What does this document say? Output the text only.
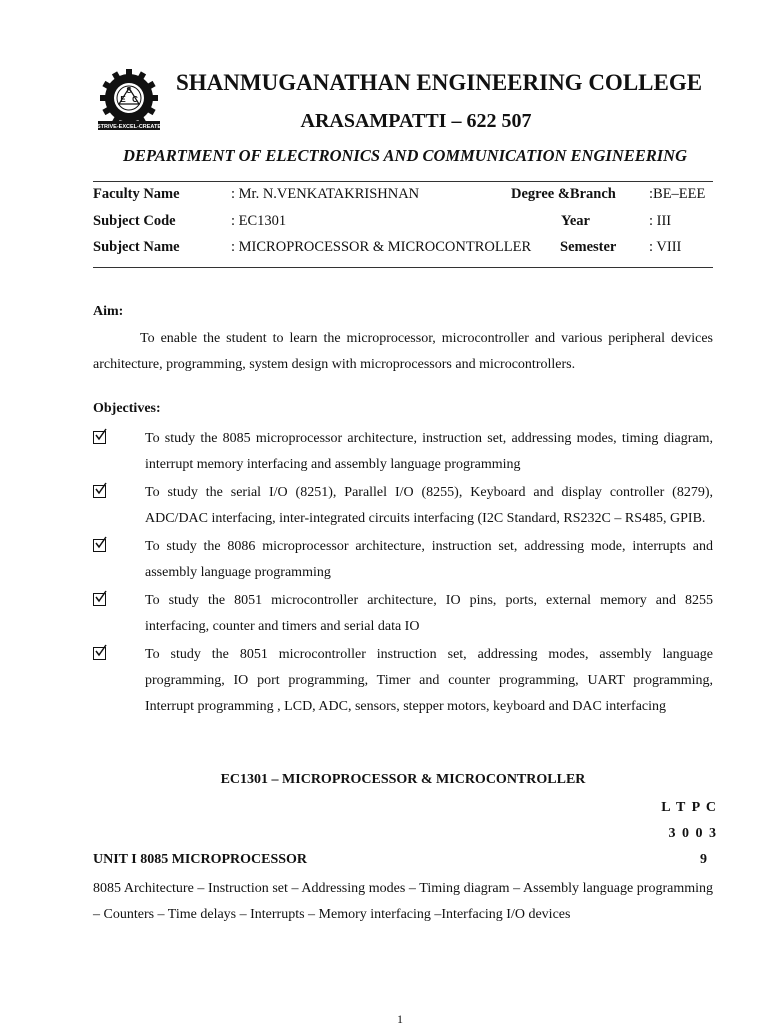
S
E C
STRIVE-EXCEL-CREATE
SHANMUGANATHAN ENGINEERING COLLEGE
ARASAMPATTI – 622 507
DEPARTMENT OF ELECTRONICS AND COMMUNICATION ENGINEERING
Faculty Name	: Mr. N.VENKATAKRISHNAN	Degree &Branch :BE–EEE
Subject Code	: EC1301	Year	: III
Subject Name	: MICROPROCESSOR & MICROCONTROLLER Semester : VIII
Aim:
To enable the student to learn the microprocessor, microcontroller and various peripheral devices architecture, programming, system design with microprocessors and microcontrollers.
Objectives:
To study the 8085 microprocessor architecture, instruction set, addressing modes, timing diagram, interrupt memory interfacing and assembly language programming
To study the serial I/O (8251), Parallel I/O (8255), Keyboard and display controller (8279), ADC/DAC interfacing, inter-integrated circuits interfacing (I2C Standard, RS232C – RS485, GPIB.
To study the 8086 microprocessor architecture, instruction set, addressing mode, interrupts and assembly language programming
To study the 8051 microcontroller architecture, IO pins, ports, external memory and 8255 interfacing, counter and timers and serial data IO
To study the 8051 microcontroller instruction set, addressing modes, assembly language programming, IO port programming, Timer and counter programming, UART programming, Interrupt programming , LCD, ADC, sensors, stepper motors, keyboard and DAC interfacing
EC1301 – MICROPROCESSOR & MICROCONTROLLER
L T P C
3 0 0 3
UNIT I 8085 MICROPROCESSOR	9
8085 Architecture – Instruction set – Addressing modes – Timing diagram – Assembly language programming – Counters – Time delays – Interrupts – Memory interfacing –Interfacing I/O devices
1
